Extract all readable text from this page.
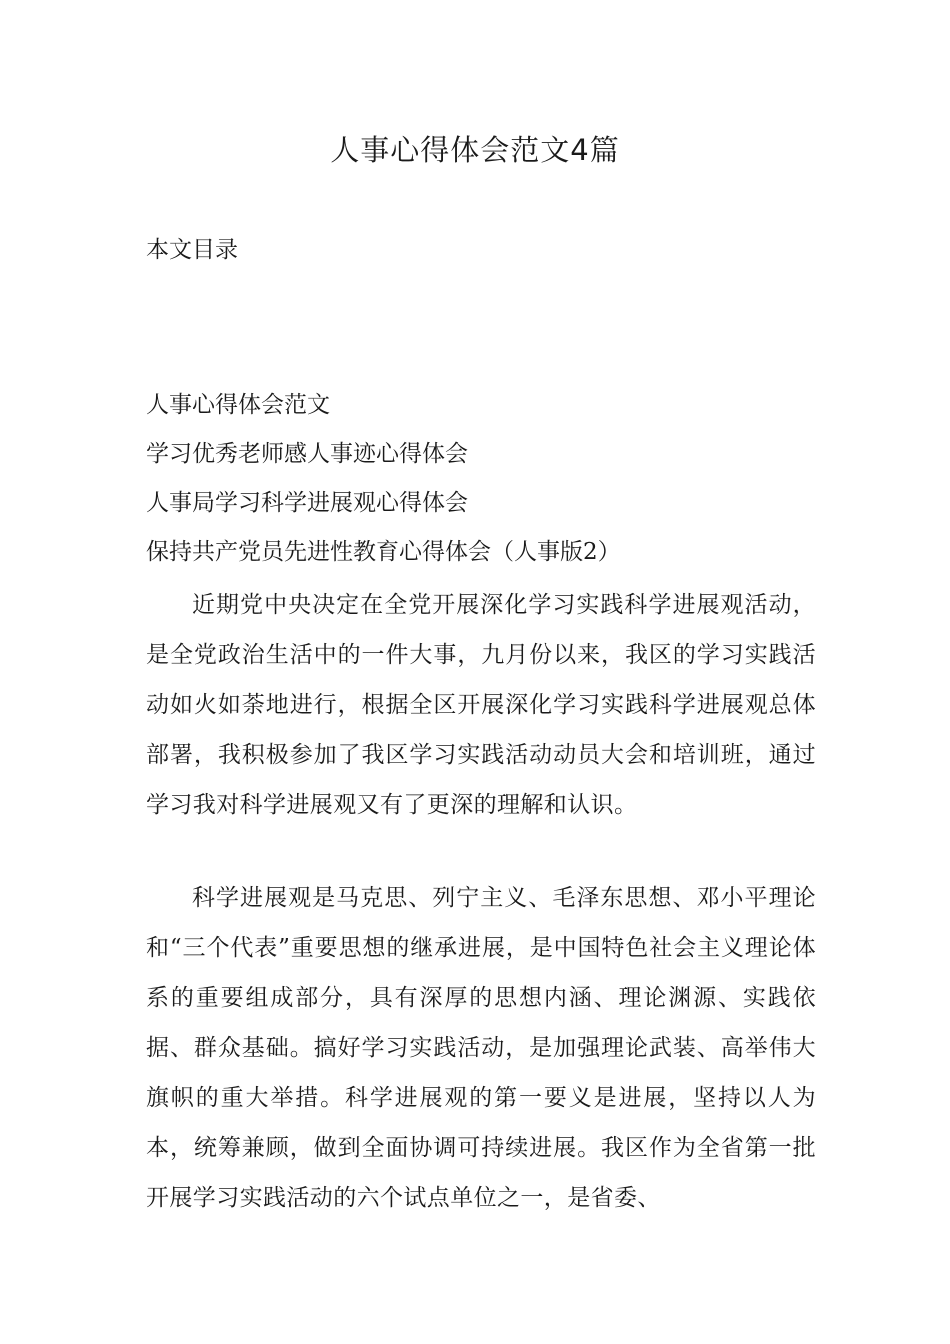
人事心得体会范文4篇

本文目录

人事心得体会范文
学习优秀老师感人事迹心得体会
人事局学习科学进展观心得体会
保持共产党员先进性教育心得体会（人事版2）

近期党中央决定在全党开展深化学习实践科学进展观活动，是全党政治生活中的一件大事，九月份以来，我区的学习实践活动如火如荼地进行，根据全区开展深化学习实践科学进展观总体部署，我积极参加了我区学习实践活动动员大会和培训班，通过学习我对科学进展观又有了更深的理解和认识。

科学进展观是马克思、列宁主义、毛泽东思想、邓小平理论和“三个代表”重要思想的继承进展，是中国特色社会主义理论体系的重要组成部分，具有深厚的思想内涵、理论渊源、实践依据、群众基础。搞好学习实践活动，是加强理论武装、高举伟大旗帜的重大举措。科学进展观的第一要义是进展，坚持以人为本，统筹兼顾，做到全面协调可持续进展。我区作为全省第一批开展学习实践活动的六个试点单位之一，是省委、
